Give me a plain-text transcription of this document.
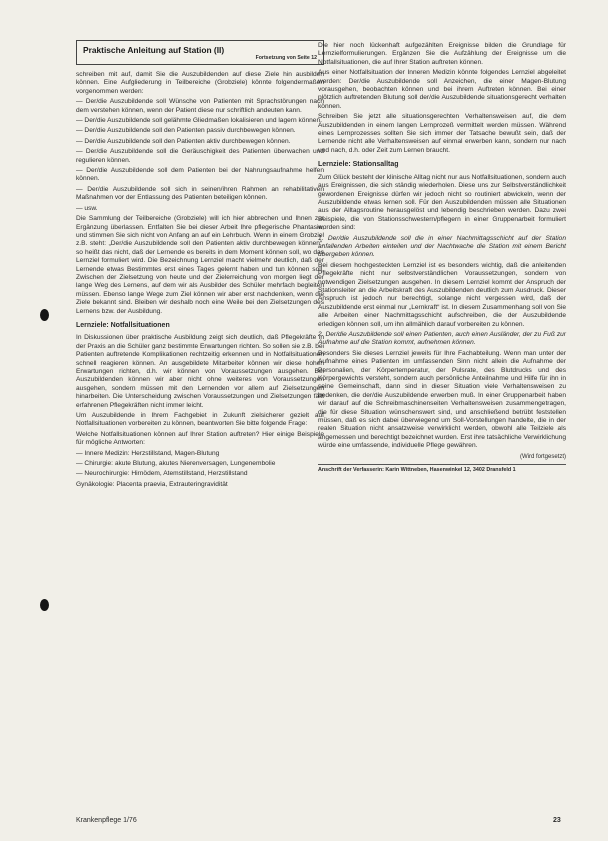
Praktische Anleitung auf Station (II)
Fortsetzung von Seite 12

schreiben mit auf, damit Sie die Auszubildenden auf diese Ziele hin ausbilden können. Eine Aufgliederung in Teilbereiche (Grobziele) könnte folgendermaßen vorgenommen werden:

— Der/die Auszubildende soll Wünsche von Patienten mit Sprachstörungen nach dem verstehen können, wenn der Patient diese nur schriftlich andeuten kann.

— Der/die Auszubildende soll gelähmte Gliedmaßen lokalisieren und lagern können.

— Der/die Auszubildende soll den Patienten passiv durchbewegen können.

— Der/die Auszubildende soll den Patienten aktiv durchbewegen können.

— Der/die Auszubildende soll die Geräuschigkeit des Patienten überwachen und regulieren können.

— Der/die Auszubildende soll dem Patienten bei der Nahrungsaufnahme helfen können.

— Der/die Auszubildende soll sich in seinen/ihren Rahmen an rehabilitativen Maßnahmen vor der Entlassung des Patienten beteiligen können.

— usw.

Die Sammlung der Teilbereiche (Grobziele) will ich hier abbrechen und Ihnen zur Ergänzung überlassen. Entfalten Sie bei dieser Arbeit Ihre pflegerische Phantasie, und stimmen Sie sich nicht von Anfang an auf ein Lehrbuch. Wenn in einem Grobziel z.B. steht: „Der/die Auszubildende soll den Patienten aktiv durchbewegen können“, so heißt das nicht, daß der Lernende es bereits in dem Moment können soll, wo das Lernziel formuliert wird. Die Bezeichnung Lernziel macht vielmehr deutlich, daß der Lernende etwas Bestimmtes erst eines Tages gelernt haben und tun können soll. Zwischen der Zielsetzung von heute und der Zielerreichung von morgen liegt der lange Weg des Lernens, auf dem wir als Ausbilder des Schüler mehrfach begleiten müssen. Ebenso lange Wege zum Ziel können wir aber erst nachdenken, wenn die Ziele bekannt sind. Bleiben wir deshalb noch eine Weile bei den Zielsetzungen des Lernens bzw. der Ausbildung.

Lernziele: Notfallsituationen

In Diskussionen über praktische Ausbildung zeigt sich deutlich, daß Pflegekräfte in der Praxis an die Schüler ganz bestimmte Erwartungen richten. So sollen sie z.B. bei Patienten auftretende Komplikationen rechtzeitig erkennen und in Notfallsituationen schnell reagieren können. An ausgebildete Mitarbeiter können wir diese hohen Erwartungen richten, d.h. wir können von Voraussetzungen ausgehen. Bei Auszubildenden können wir aber nicht ohne weiteres von Voraussetzungen ausgehen, sondern müssen mit den Lernenden vor allem auf Zielsetzungen hinarbeiten. Die Unterscheidung zwischen Voraussetzungen und Zielsetzungen fällt erfahrenen Pflegekräften nicht immer leicht.

Um Auszubildende in Ihrem Fachgebiet in Zukunft zielsicherer gezielt auf Notfallsituationen vorbereiten zu können, beantworten Sie bitte folgende Frage:

Welche Notfallsituationen können auf Ihrer Station auftreten? Hier einige Beispiele für mögliche Antworten:

— Innere Medizin: Herzstillstand, Magen-Blutung

— Chirurgie: akute Blutung, akutes Nierenversagen, Lungenembolie

— Neurochirurgie: Hirnödem, Atemstillstand, Herzstillstand

Gynäkologie: Placenta praevia, Extrauteringravidität

Die hier noch lückenhaft aufgezählten Ereignisse bilden die Grundlage für Lernzielformulierungen. Ergänzen Sie die Aufzählung der Ereignisse um die Notfallsituationen, die auf Ihrer Station auftreten können.

Aus einer Notfallsituation der Inneren Medizin könnte folgendes Lernziel abgeleitet werden: Der/die Auszubildende soll Anzeichen, die einer Magen-Blutung vorausgehen, beobachten können und bei ihrem Auftreten können. Bei einer plötzlich auftretenden Blutung soll der/die Auszubildende situationsgerecht verhalten können.

Schreiben Sie jetzt alle situationsgerechten Verhaltensweisen auf, die dem Auszubildenden in einem langen Lernprozeß vermittelt werden müssen. Während eines Lernprozesses sollten Sie sich immer der Tatsache bewußt sein, daß der Lernende nicht alle Verhaltensweisen auf einmal erwerben kann, sondern nur nach und nach, d.h. oder Zeit zum Lernen braucht.

Lernziele: Stationsalltag

Zum Glück besteht der klinische Alltag nicht nur aus Notfallsituationen, sondern auch aus Ereignissen, die sich ständig wiederholen. Diese uns zur Selbstverständlichkeit gewordenen Ereignisse dürfen wir jedoch nicht so routiniert abwickeln, wenn der Auszubildende etwas lernen soll. Für den Auszubildenden müssen alle Situationen aus der Alltagsroutine herausgelöst und lebendig beschrieben werden. Dazu zwei Beispiele, die von Stationsschwestern/pflegern in einer Gruppenarbeit formuliert worden sind:

1. Der/die Auszubildende soll die in einer Nachmittagsschicht auf der Station anfallenden Arbeiten einteilen und der Nachtwache die Station mit einem Bericht übergeben können.

Bei diesem hochgesteckten Lernziel ist es besonders wichtig, daß die anleitenden Pflegekräfte nicht nur selbstverständlichen Voraussetzungen, sondern von notwendigen Zielsetzungen ausgehen. In diesem Lernziel kommt der Anspruch der Stationsleiter an die Arbeitskraft des Auszubildenden deutlich zum Ausdruck. Dieser Anspruch ist jedoch nur berechtigt, solange nicht vergessen wird, daß der Auszubildende erst einmal nur „Lernkraft“ ist. In diesem Zusammenhang soll von Sie alle Arbeiten einer Nachmittagsschicht aufschreiben, die der Auszubildende erledigen können soll, um ihn allmählich darauf vorbereiten zu können.

2. Der/die Auszubildende soll einen Patienten, auch einen Ausländer, der zu Fuß zur Aufnahme auf die Station kommt, aufnehmen können.

Besonders Sie dieses Lernziel jeweils für Ihre Fachabteilung. Wenn man unter der Aufnahme eines Patienten im umfassenden Sinn nicht allein die Aufnahme der Personalien, der Körpertemperatur, der Pulsrate, des Blutdrucks und des Körpergewichts versteht, sondern auch persönliche Anteilnahme und Hilfe für ihn in seine Gemeinschaft, dann sind in dieser Situation viele Verhaltensweisen zu bedenken, die der/die Auszubildende erwerben muß. In einer Gruppenarbeit haben wir darauf auf die Schreibmaschinenseiten Verhaltensweisen zusammengetragen, die für diese Situation wünschenswert sind, und anschließend betrübt feststellen müssen, daß es sich dabei überwiegend um Soll-Vorstellungen handelte, die in der realen Situation nicht ansatzweise verwirklicht werden, obwohl alle Teilziele als angemessen und berechtigt bezeichnet wurden. Erst ihre tatsächliche Verwirklichung würde eine umfassende, individuelle Pflege gewähren.

(Wird fortgesetzt)
Anschrift der Verfasserin: Karin Wittneben, Hasenwinkel 12, 3402 Dransfeld 1
Krankenpflege 1/76	23
